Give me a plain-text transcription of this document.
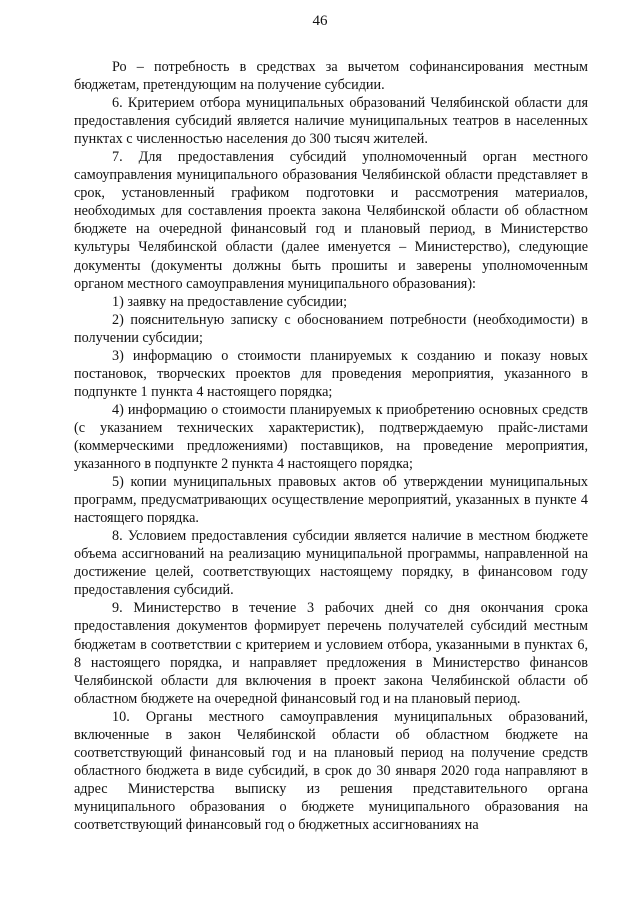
46

Ро – потребность в средствах за вычетом софинансирования местным бюджетам, претендующим на получение субсидии.

6. Критерием отбора муниципальных образований Челябинской области для предоставления субсидий является наличие муниципальных театров в населенных пунктах с численностью населения до 300 тысяч жителей.

7. Для предоставления субсидий уполномоченный орган местного самоуправления муниципального образования Челябинской области представляет в срок, установленный графиком подготовки и рассмотрения материалов, необходимых для составления проекта закона Челябинской области об областном бюджете на очередной финансовый год и плановый период, в Министерство культуры Челябинской области (далее именуется – Министерство), следующие документы (документы должны быть прошиты и заверены уполномоченным органом местного самоуправления муниципального образования):

1) заявку на предоставление субсидии;

2) пояснительную записку с обоснованием потребности (необходимости) в получении субсидии;

3) информацию о стоимости планируемых к созданию и показу новых постановок, творческих проектов для проведения мероприятия, указанного в подпункте 1 пункта 4 настоящего порядка;

4) информацию о стоимости планируемых к приобретению основных средств (с указанием технических характеристик), подтверждаемую прайс-листами (коммерческими предложениями) поставщиков, на проведение мероприятия, указанного в подпункте 2 пункта 4 настоящего порядка;

5) копии муниципальных правовых актов об утверждении муниципальных программ, предусматривающих осуществление мероприятий, указанных в пункте 4 настоящего порядка.

8. Условием предоставления субсидии является наличие в местном бюджете объема ассигнований на реализацию муниципальной программы, направленной на достижение целей, соответствующих настоящему порядку, в финансовом году предоставления субсидий.

9. Министерство в течение 3 рабочих дней со дня окончания срока предоставления документов формирует перечень получателей субсидий местным бюджетам в соответствии с критерием и условием отбора, указанными в пунктах 6, 8 настоящего порядка, и направляет предложения в Министерство финансов Челябинской области для включения в проект закона Челябинской области об областном бюджете на очередной финансовый год и на плановый период.

10. Органы местного самоуправления муниципальных образований, включенные в закон Челябинской области об областном бюджете на соответствующий финансовый год и на плановый период на получение средств областного бюджета в виде субсидий, в срок до 30 января 2020 года направляют в адрес Министерства выписку из решения представительного органа муниципального образования о бюджете муниципального образования на соответствующий финансовый год о бюджетных ассигнованиях на
